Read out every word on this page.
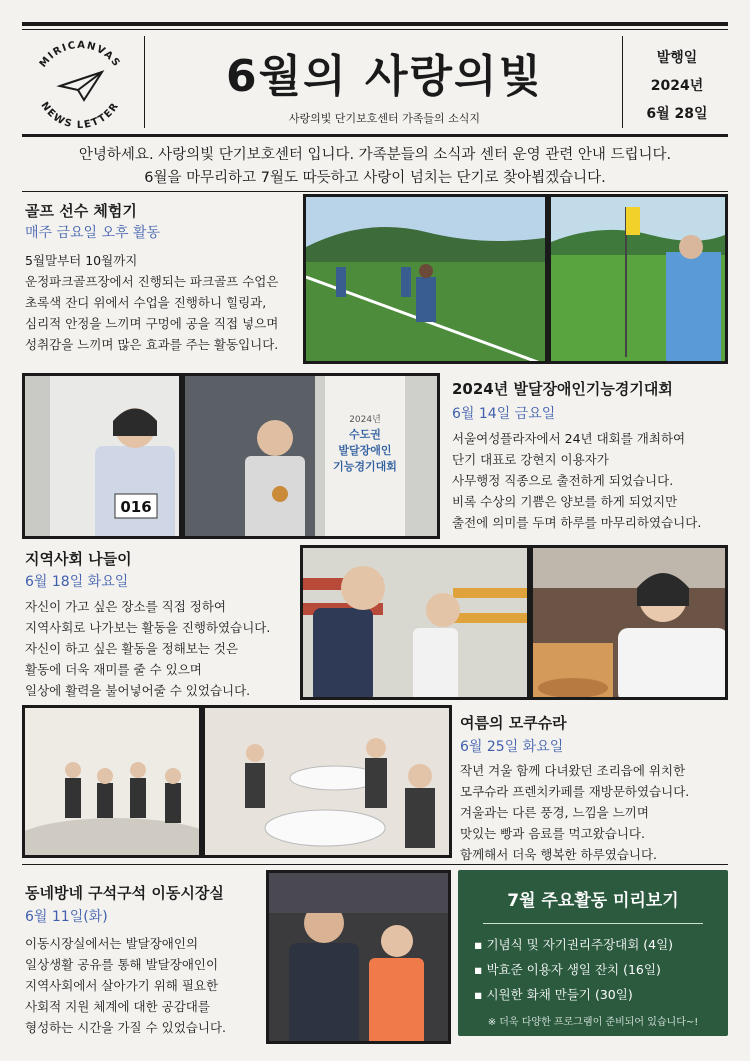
MIRICANVAS
NEWS LETTER
6월의 사랑의빛
사랑의빛 단기보호센터 가족들의 소식지
발행일
2024년
6월 28일
안녕하세요. 사랑의빛 단기보호센터 입니다. 가족분들의 소식과 센터 운영 관련 안내 드립니다.
6월을 마무리하고 7월도 따듯하고 사랑이 넘치는 단기로 찾아뵙겠습니다.
골프 선수 체험기
매주 금요일 오후 활동
5월말부터 10월까지
운정파크골프장에서 진행되는 파크골프 수업은
초록색 잔디 위에서 수업을 진행하니 힐링과,
심리적 안정을 느끼며 구멍에 공을 직접 넣으며
성취감을 느끼며 많은 효과를 주는 활동입니다.
016
2024년
수도권
발달장애인
기능경기대회
2024년 발달장애인기능경기대회
6월 14일 금요일
서울여성플라자에서 24년 대회를 개최하여
단기 대표로 강현지 이용자가
사무행정 직종으로 출전하게 되었습니다.
비록 수상의 기쁨은 양보를 하게 되었지만
출전에 의미를 두며 하루를 마무리하였습니다.
지역사회 나들이
6월 18일 화요일
자신이 가고 싶은 장소를 직접 정하여
지역사회로 나가보는 활동을 진행하였습니다.
자신이 하고 싶은 활동을 정해보는 것은
활동에 더욱 재미를 줄 수 있으며
일상에 활력을 불어넣어줄 수 있었습니다.
여름의 모쿠슈라
6월 25일 화요일
작년 겨울 함께 다녀왔던 조리읍에 위치한
모쿠슈라 프렌치카페를 재방문하였습니다.
겨울과는 다른 풍경, 느낌을 느끼며
맛있는 빵과 음료를 먹고왔습니다.
함께해서 더욱 행복한 하루였습니다.
동네방네 구석구석 이동시장실
6월 11일(화)
이동시장실에서는 발달장애인의
일상생활 공유를 통해 발달장애인이
지역사회에서 살아가기 위해 필요한
사회적 지원 체계에 대한 공감대를
형성하는 시간을 가질 수 있었습니다.
7월 주요활동 미리보기
▪ 기념식 및 자기권리주장대회 (4일)
▪ 박효준 이용자 생일 잔치 (16일)
▪ 시원한 화채 만들기 (30일)
※ 더욱 다양한 프로그램이 준비되어 있습니다~!
